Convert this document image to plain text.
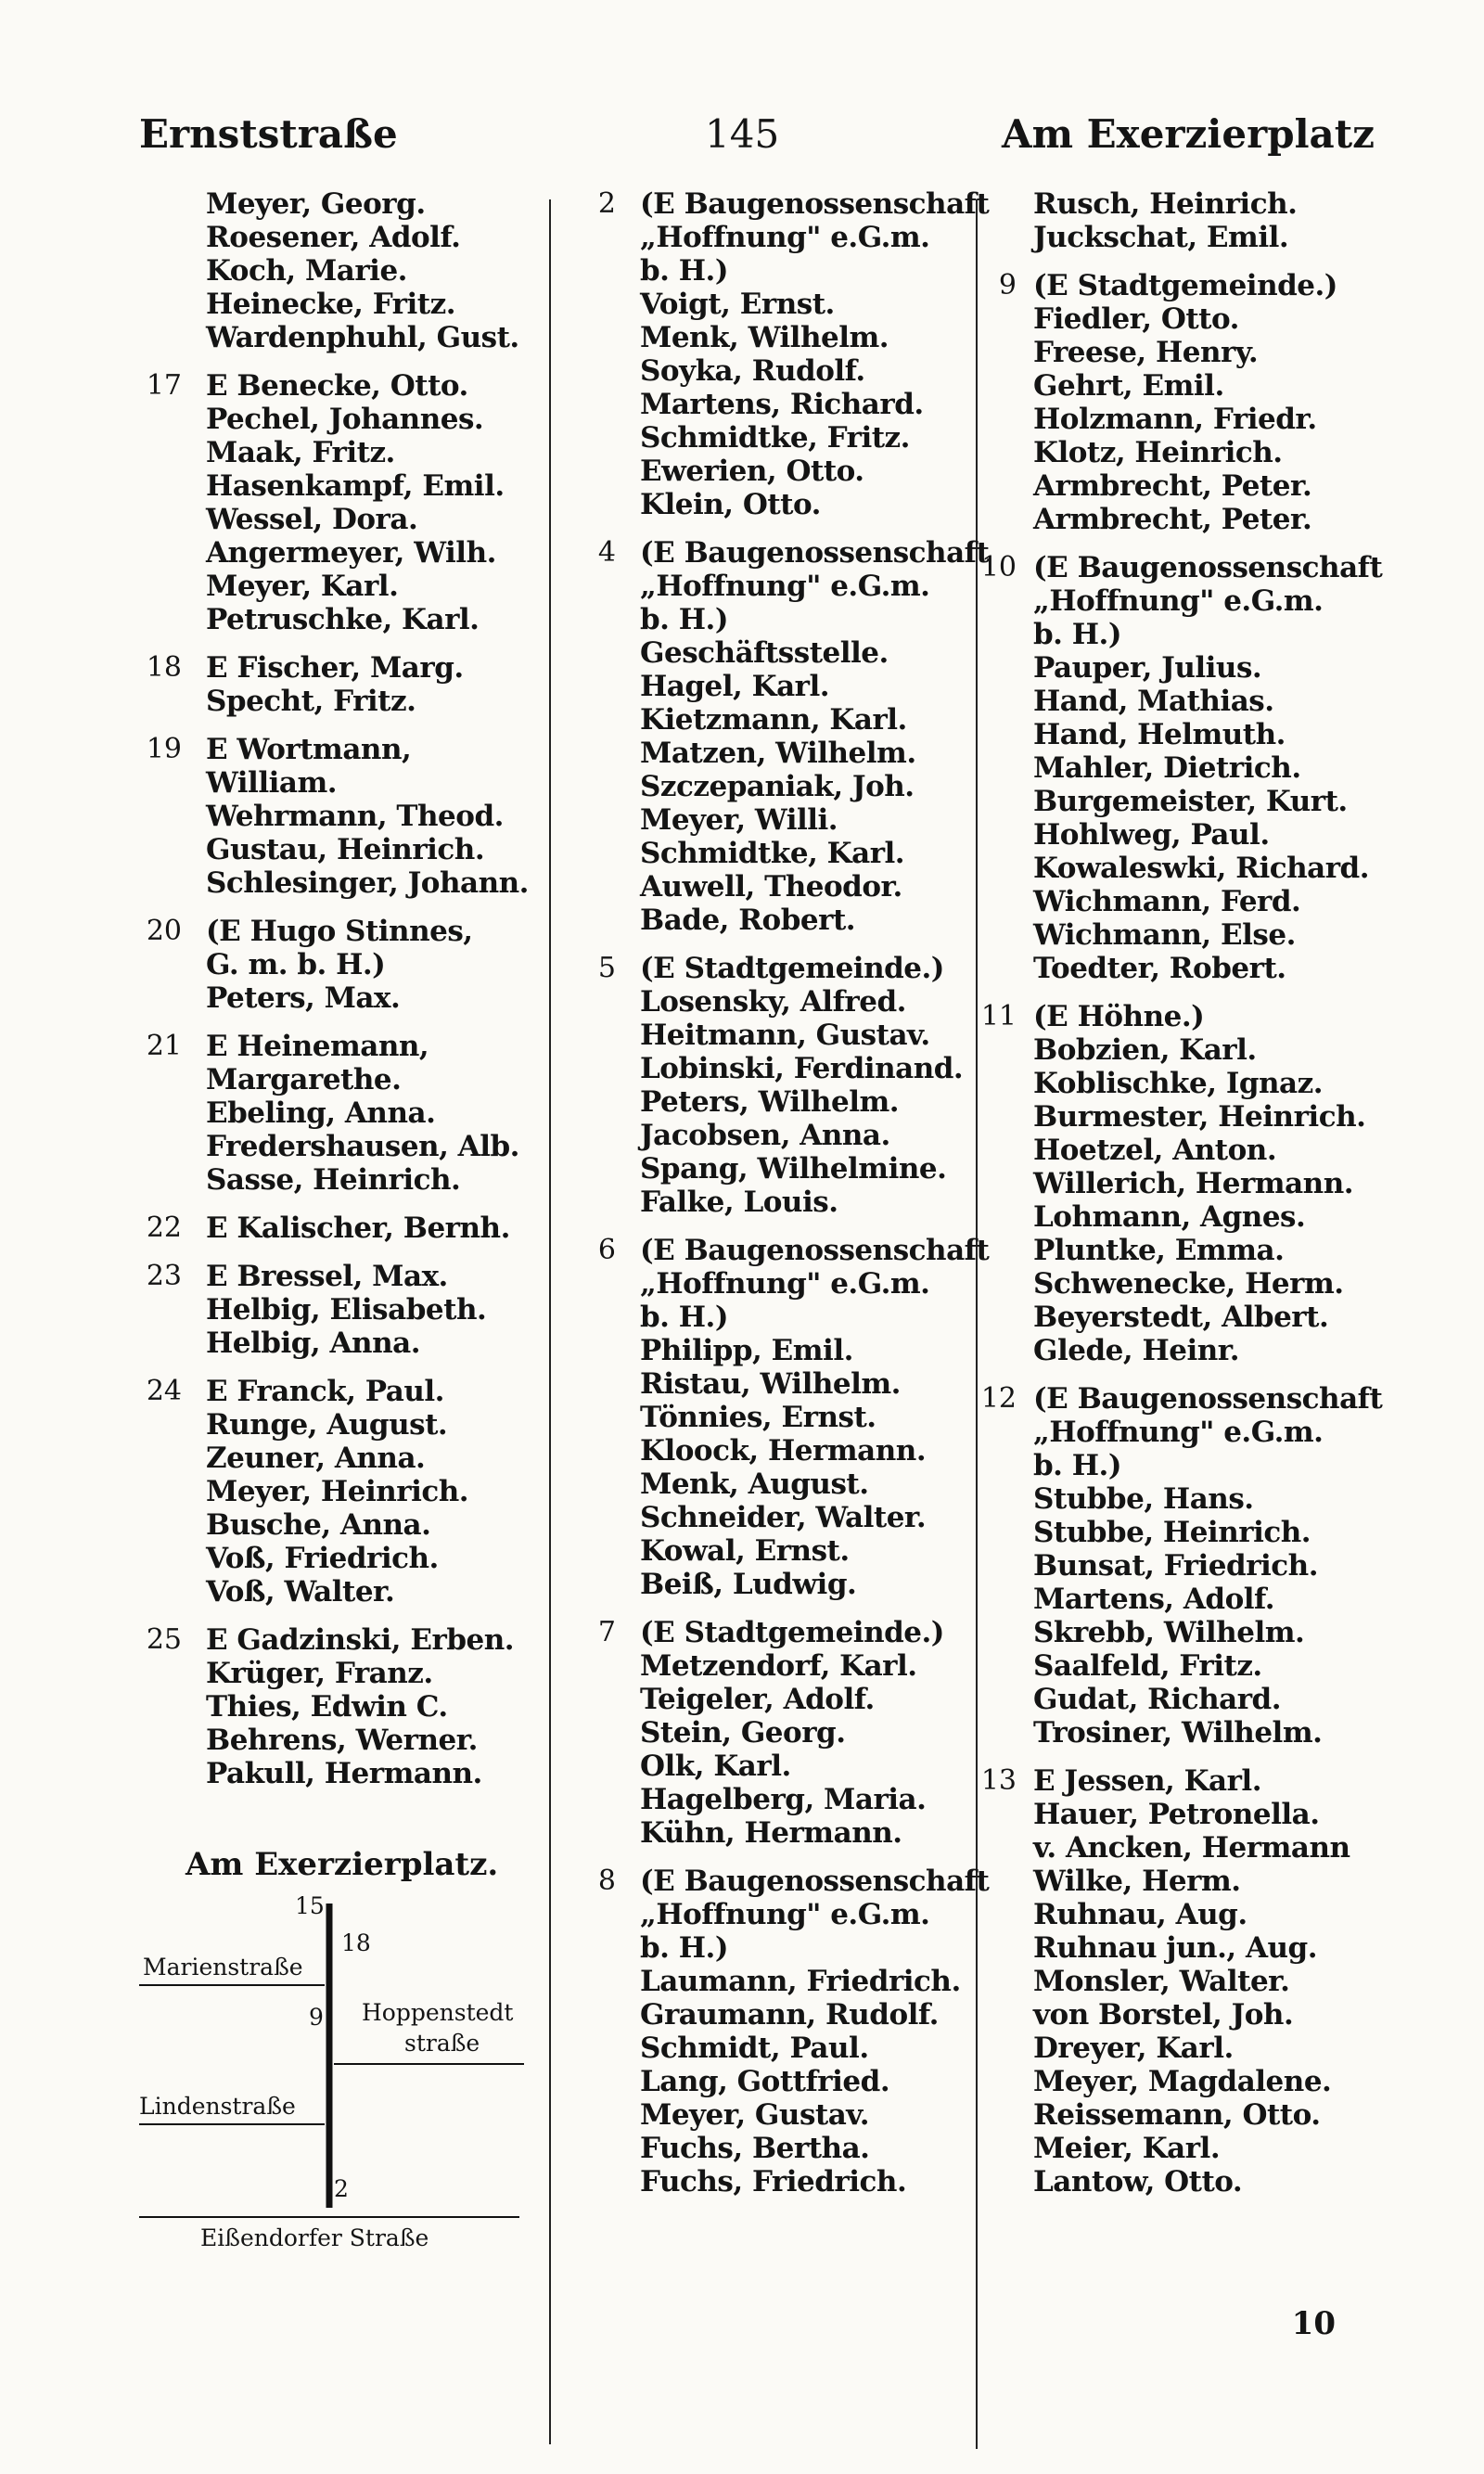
Ernststraße	145	Am Exerzierplatz
Meyer, Georg.
Roesener, Adolf.
Koch, Marie.
Heinecke, Fritz.
Wardenphuhl, Gust.
17 E Benecke, Otto.
Pechel, Johannes.
Maak, Fritz.
Hasenkampf, Emil.
Wessel, Dora.
Angermeyer, Wilh.
Meyer, Karl.
Petruschke, Karl.
18 E Fischer, Marg.
Specht, Fritz.
19 E Wortmann,
William.
Wehrmann, Theod.
Gustau, Heinrich.
Schlesinger, Johann.
20 (E Hugo Stinnes,
G. m. b. H.)
Peters, Max.
21 E Heinemann,
Margarethe.
Ebeling, Anna.
Fredershausen, Alb.
Sasse, Heinrich.
22 E Kalischer, Bernh.
23 E Bressel, Max.
Helbig, Elisabeth.
Helbig, Anna.
24 E Franck, Paul.
Runge, August.
Zeuner, Anna.
Meyer, Heinrich.
Busche, Anna.
Voß, Friedrich.
Voß, Walter.
25 E Gadzinski, Erben.
Krüger, Franz.
Thies, Edwin C.
Behrens, Werner.
Pakull, Hermann.
2 (E Baugenossenschaft
„Hoffnung" e.G.m.
b. H.)
Voigt, Ernst.
Menk, Wilhelm.
Soyka, Rudolf.
Martens, Richard.
Schmidtke, Fritz.
Ewerien, Otto.
Klein, Otto.
4 (E Baugenossenschaft
„Hoffnung" e.G.m.
b. H.)
Geschäftsstelle.
Hagel, Karl.
Kietzmann, Karl.
Matzen, Wilhelm.
Szczepaniak, Joh.
Meyer, Willi.
Schmidtke, Karl.
Auwell, Theodor.
Bade, Robert.
5 (E Stadtgemeinde.)
Losensky, Alfred.
Heitmann, Gustav.
Lobinski, Ferdinand.
Peters, Wilhelm.
Jacobsen, Anna.
Spang, Wilhelmine.
Falke, Louis.
6 (E Baugenossenschaft
„Hoffnung" e.G.m.
b. H.)
Philipp, Emil.
Ristau, Wilhelm.
Tönnies, Ernst.
Kloock, Hermann.
Menk, August.
Schneider, Walter.
Kowal, Ernst.
Beiß, Ludwig.
7 (E Stadtgemeinde.)
Metzendorf, Karl.
Teigeler, Adolf.
Stein, Georg.
Olk, Karl.
Hagelberg, Maria.
Kühn, Hermann.
8 (E Baugenossenschaft
„Hoffnung" e.G.m.
b. H.)
Laumann, Friedrich.
Graumann, Rudolf.
Schmidt, Paul.
Lang, Gottfried.
Meyer, Gustav.
Fuchs, Bertha.
Fuchs, Friedrich.
Rusch, Heinrich.
Juckschat, Emil.
9 (E Stadtgemeinde.)
Fiedler, Otto.
Freese, Henry.
Gehrt, Emil.
Holzmann, Friedr.
Klotz, Heinrich.
Armbrecht, Peter.
Armbrecht, Peter.
10 (E Baugenossenschaft
„Hoffnung" e.G.m.
b. H.)
Pauper, Julius.
Hand, Mathias.
Hand, Helmuth.
Mahler, Dietrich.
Burgemeister, Kurt.
Hohlweg, Paul.
Kowaleswki, Richard.
Wichmann, Ferd.
Wichmann, Else.
Toedter, Robert.
11 (E Höhne.)
Bobzien, Karl.
Koblischke, Ignaz.
Burmester, Heinrich.
Hoetzel, Anton.
Willerich, Hermann.
Lohmann, Agnes.
Pluntke, Emma.
Schwenecke, Herm.
Beyerstedt, Albert.
Glede, Heinr.
12 (E Baugenossenschaft
„Hoffnung" e.G.m.
b. H.)
Stubbe, Hans.
Stubbe, Heinrich.
Bunsat, Friedrich.
Martens, Adolf.
Skrebb, Wilhelm.
Saalfeld, Fritz.
Gudat, Richard.
Trosiner, Wilhelm.
13 E Jessen, Karl.
Hauer, Petronella.
v. Ancken, Hermann
Wilke, Herm.
Ruhnau, Aug.
Ruhnau jun., Aug.
Monsler, Walter.
von Borstel, Joh.
Dreyer, Karl.
Meyer, Magdalene.
Reissemann, Otto.
Meier, Karl.
Lantow, Otto.
Am Exerzierplatz.
15
18
9
2
Marienstraße
Hoppenstedt
straße
Lindenstraße
Eißendorfer Straße
10
